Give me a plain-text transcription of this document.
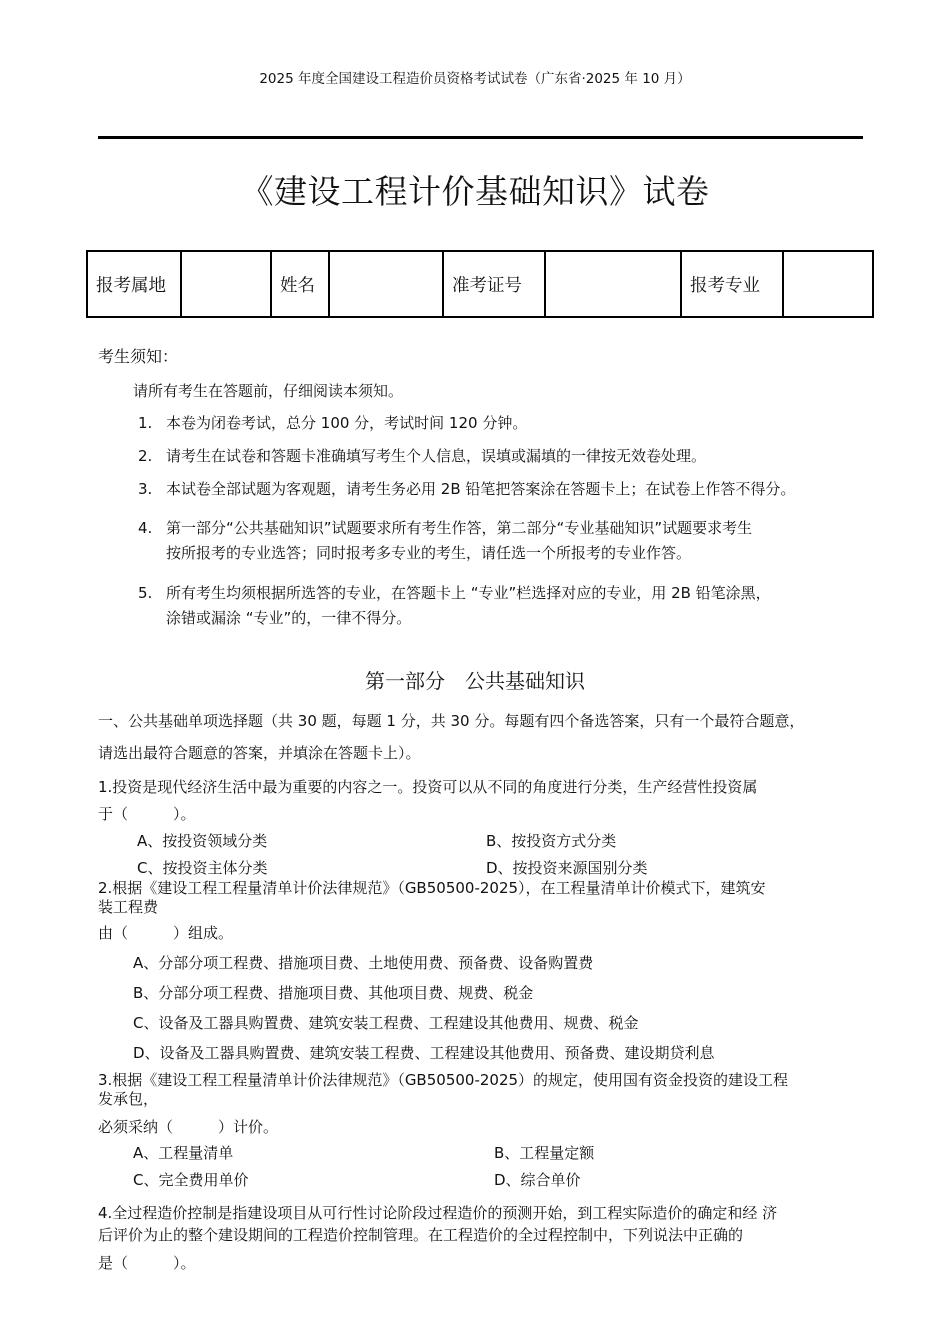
2025 年度全国建设工程造价员资格考试试卷（广东省·2025 年 10 月）
《建设工程计价基础知识》试卷
报考属地		姓名		准考证号		报考专业	
考生须知：
请所有考生在答题前，仔细阅读本须知。
1. 本卷为闭卷考试，总分 100 分，考试时间 120 分钟。
2. 请考生在试卷和答题卡准确填写考生个人信息，误填或漏填的一律按无效卷处理。
3. 本试卷全部试题为客观题，请考生务必用 2B 铅笔把答案涂在答题卡上；在试卷上作答不得分。
4. 第一部分“公共基础知识”试题要求所有考生作答，第二部分“专业基础知识”试题要求考生
按所报考的专业选答；同时报考多专业的考生，请任选一个所报考的专业作答。
5. 所有考生均须根据所选答的专业，在答题卡上 “专业”栏选择对应的专业，用 2B 铅笔涂黑，
涂错或漏涂 “专业”的，一律不得分。
第一部分　公共基础知识
一、公共基础单项选择题（共 30 题，每题 1 分，共 30 分。每题有四个备选答案，只有一个最符合题意，
请选出最符合题意的答案，并填涂在答题卡上）。
1.投资是现代经济生活中最为重要的内容之一。投资可以从不同的角度进行分类，生产经营性投资属
于（　　　）。
A、按投资领域分类	B、按投资方式分类
C、按投资主体分类	D、按投资来源国别分类
2.根据《建设工程工程量清单计价法律规范》（GB50500-2025），在工程量清单计价模式下，建筑安
装工程费
由（　　　）组成。
A、分部分项工程费、措施项目费、土地使用费、预备费、设备购置费
B、分部分项工程费、措施项目费、其他项目费、规费、税金
C、设备及工器具购置费、建筑安装工程费、工程建设其他费用、规费、税金
D、设备及工器具购置费、建筑安装工程费、工程建设其他费用、预备费、建设期贷利息
3.根据《建设工程工程量清单计价法律规范》（GB50500-2025）的规定，使用国有资金投资的建设工程
发承包，
必须采纳（　　　）计价。
A、工程量清单	B、工程量定额
C、完全费用单价	D、综合单价
4.全过程造价控制是指建设项目从可行性讨论阶段过程造价的预测开始，到工程实际造价的确定和经 济
后评价为止的整个建设期间的工程造价控制管理。在工程造价的全过程控制中，下列说法中正确的
是（　　　）。
